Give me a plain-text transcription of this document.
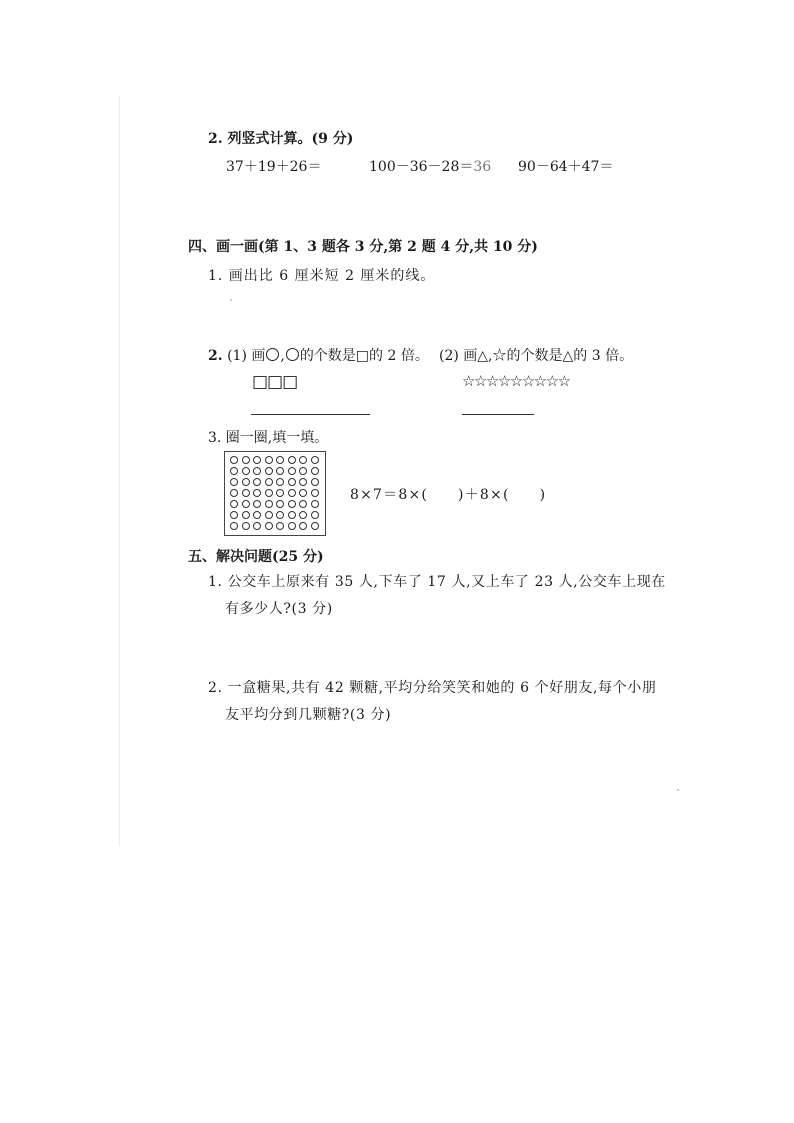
2. 列竖式计算。(9 分)
37＋19＋26＝	100－36－28＝36 90－64＋47＝
四、画一画(第 1、3 题各 3 分,第 2 题 4 分,共 10 分)
1. 画出比 6 厘米短 2 厘米的线。
2. (1) 画 , 的个数是□的 2 倍。 (2) 画△,☆的个数是△的 3 倍。
□□□	☆☆☆☆☆☆☆☆☆
3. 圈一圈,填一填。
8×7＝8×( )＋8×( )
五、解决问题(25 分)
1. 公交车上原来有 35 人,下车了 17 人,又上车了 23 人,公交车上现在
有多少人?(3 分)
2. 一盒糖果,共有 42 颗糖,平均分给笑笑和她的 6 个好朋友,每个小朋
友平均分到几颗糖?(3 分)
